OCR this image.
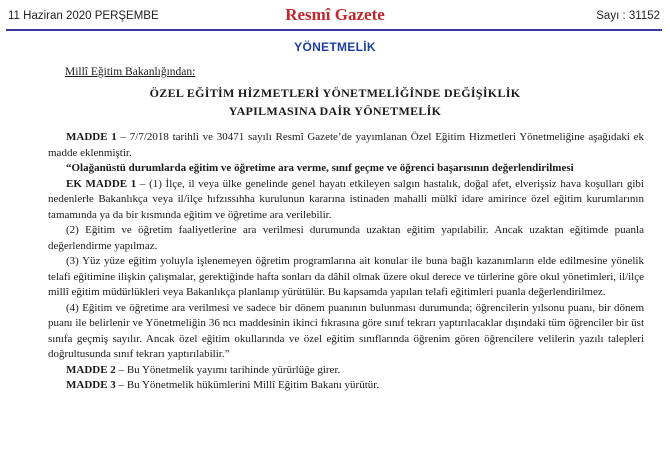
11 Haziran 2020 PERŞEMBE	Resmî Gazete	Sayı : 31152
YÖNETMELİK
Millî Eğitim Bakanlığından:
ÖZEL EĞİTİM HİZMETLERİ YÖNETMELİĞİNDE DEĞİŞİKLİK
YAPILMASINA DAİR YÖNETMELİK

MADDE 1 – 7/7/2018 tarihli ve 30471 sayılı Resmî Gazete’de yayımlanan Özel Eğitim Hizmetleri Yönetmeliğine aşağıdaki ek madde eklenmiştir.

“Olağanüstü durumlarda eğitim ve öğretime ara verme, sınıf geçme ve öğrenci başarısının değerlendirilmesi

EK MADDE 1 – (1) İlçe, il veya ülke genelinde genel hayatı etkileyen salgın hastalık, doğal afet, elverişsiz hava koşulları gibi nedenlerle Bakanlıkça veya il/ilçe hıfzıssıhha kurulunun kararına istinaden mahalli mülkî idare amirince özel eğitim kurumlarının tamamında ya da bir kısmında eğitim ve öğretime ara verilebilir.

(2) Eğitim ve öğretim faaliyetlerine ara verilmesi durumunda uzaktan eğitim yapılabilir. Ancak uzaktan eğitimde puanla değerlendirme yapılmaz.

(3) Yüz yüze eğitim yoluyla işlenemeyen öğretim programlarına ait konular ile buna bağlı kazanımların elde edilmesine yönelik telafi eğitimine ilişkin çalışmalar, gerektiğinde hafta sonları da dâhil olmak üzere okul derece ve türlerine göre okul yönetimleri, il/ilçe millî eğitim müdürlükleri veya Bakanlıkça planlanıp yürütülür. Bu kapsamda yapılan telafi eğitimleri puanla değerlendirilmez.

(4) Eğitim ve öğretime ara verilmesi ve sadece bir dönem puanının bulunması durumunda; öğrencilerin yılsonu puanı, bir dönem puanı ile belirlenir ve Yönetmeliğin 36 ncı maddesinin ikinci fıkrasına göre sınıf tekrarı yaptırılacaklar dışındaki tüm öğrenciler bir üst sınıfa geçmiş sayılır. Ancak özel eğitim okullarında ve özel eğitim sınıflarında öğrenim gören öğrencilere velilerin yazılı talepleri doğrultusunda sınıf tekrarı yaptırılabilir.”

MADDE 2 – Bu Yönetmelik yayımı tarihinde yürürlüğe girer.

MADDE 3 – Bu Yönetmelik hükümlerini Millî Eğitim Bakanı yürütür.
